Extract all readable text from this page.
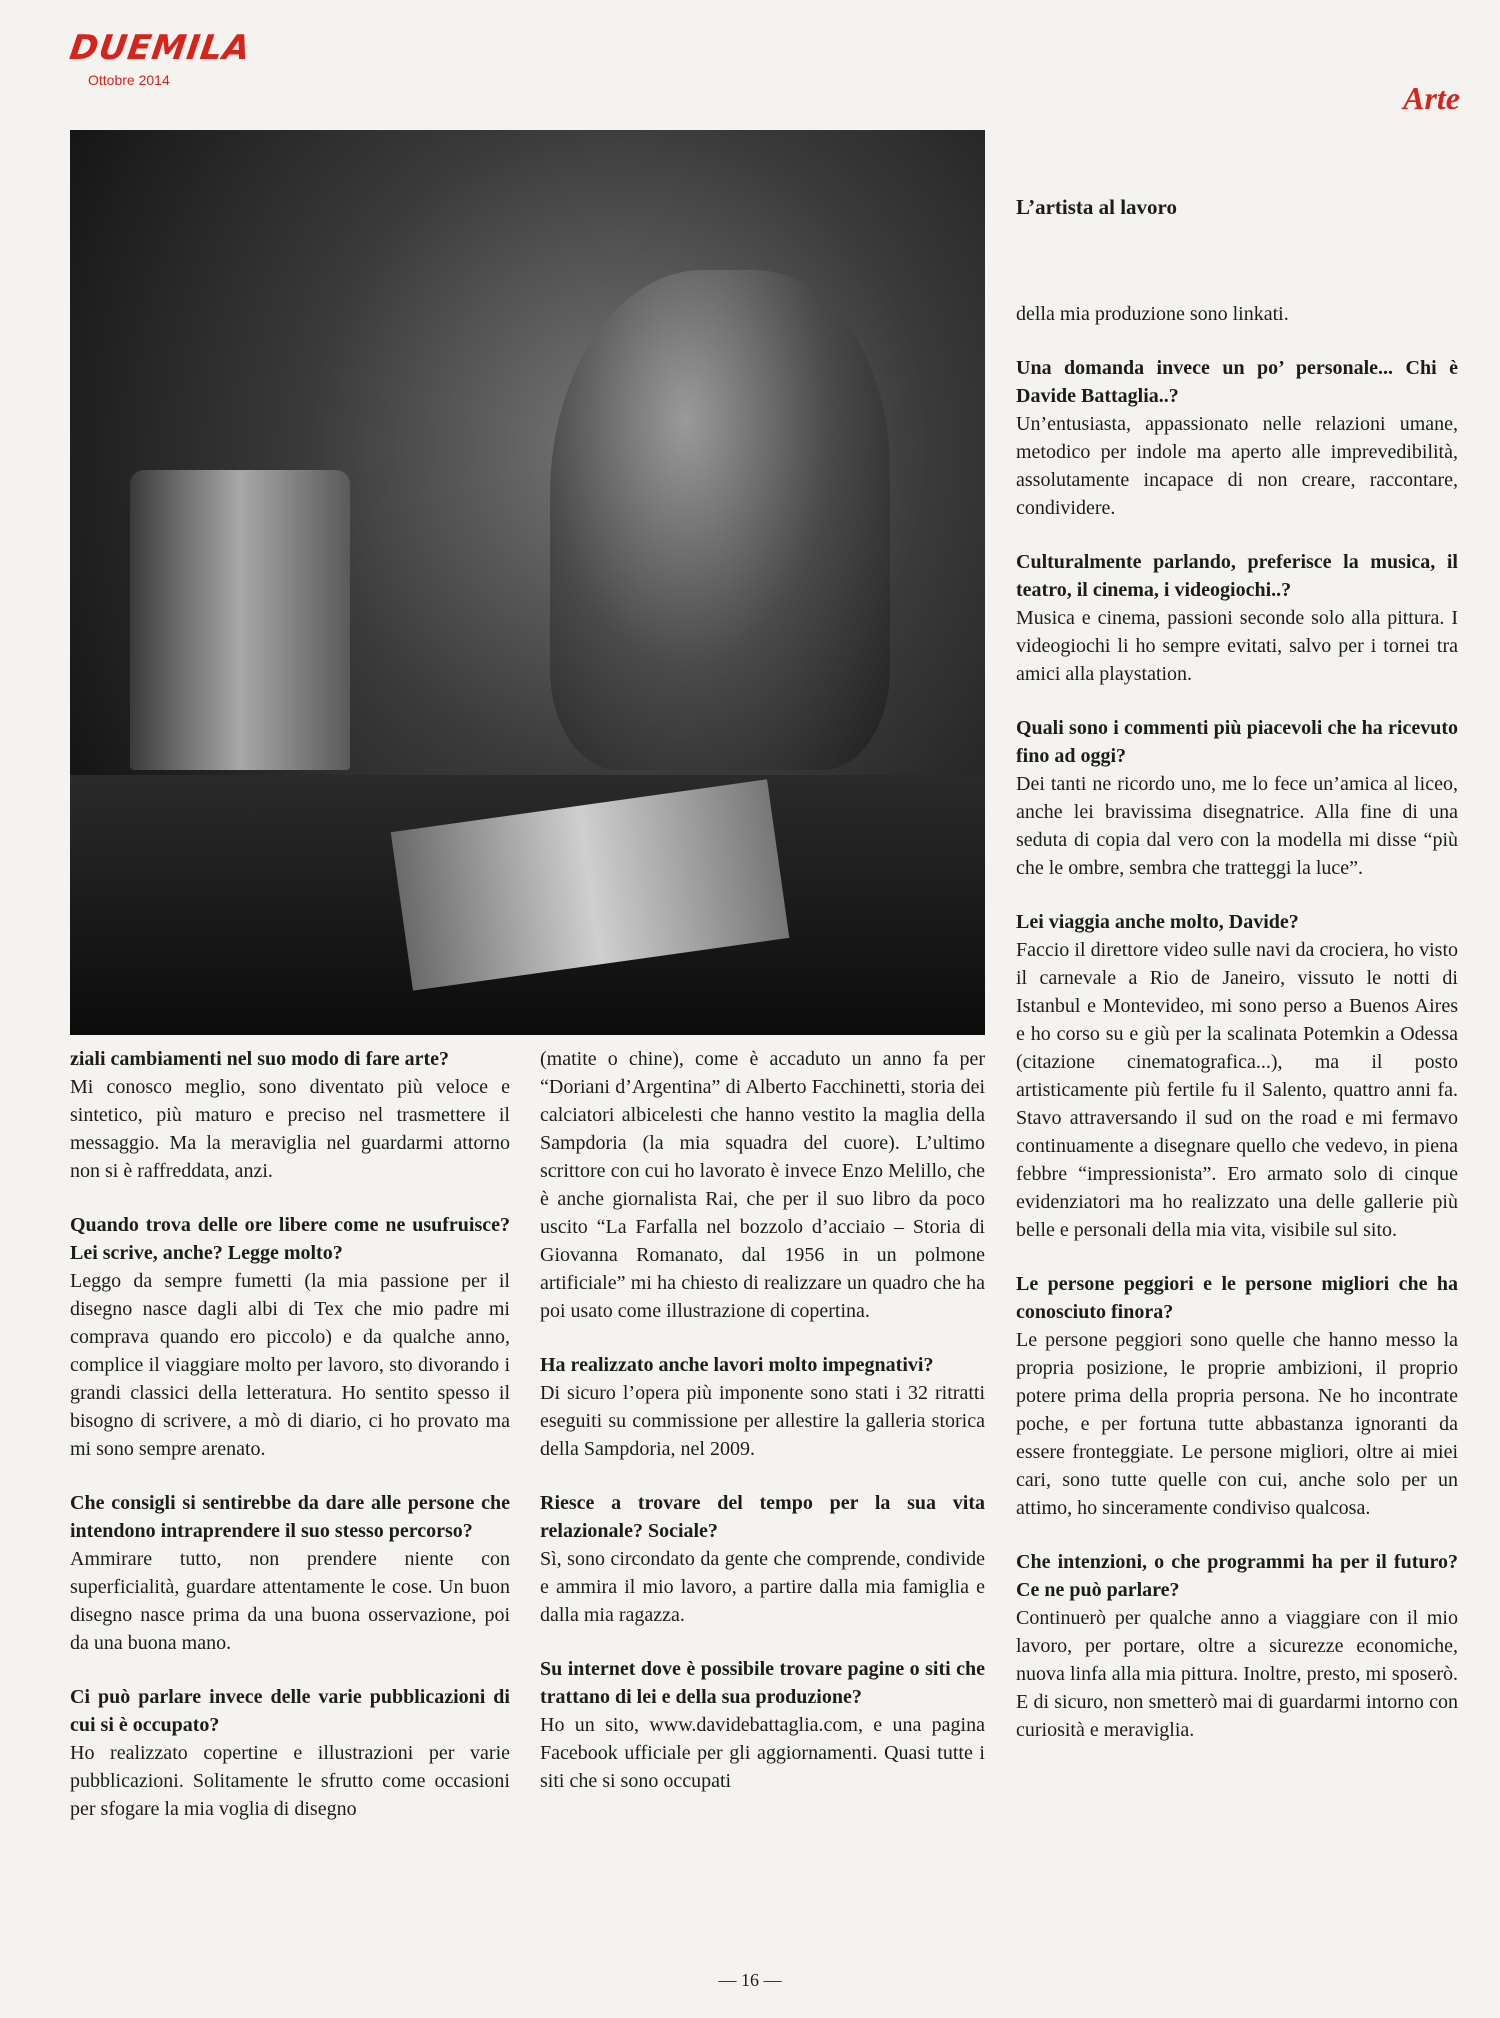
DUEMILA
Ottobre 2014	Arte
L’artista al lavoro

ziali cambiamenti nel suo modo di fare arte?

Mi conosco meglio, sono diventato più veloce e sintetico, più maturo e preciso nel trasmettere il messaggio. Ma la meraviglia nel guardarmi attorno non si è raffreddata, anzi.

Quando trova delle ore libere come ne usufruisce? Lei scrive, anche? Legge molto?

Leggo da sempre fumetti (la mia passione per il disegno nasce dagli albi di Tex che mio padre mi comprava quando ero piccolo) e da qualche anno, complice il viaggiare molto per lavoro, sto divorando i grandi classici della letteratura. Ho sentito spesso il bisogno di scrivere, a mò di diario, ci ho provato ma mi sono sempre arenato.

Che consigli si sentirebbe da dare alle persone che intendono intraprendere il suo stesso percorso?

Ammirare tutto, non prendere niente con superficialità, guardare attentamente le cose. Un buon disegno nasce prima da una buona osservazione, poi da una buona mano.

Ci può parlare invece delle varie pubblicazioni di cui si è occupato?

Ho realizzato copertine e illustrazioni per varie pubblicazioni. Solitamente le sfrutto come occasioni per sfogare la mia voglia di disegno

(matite o chine), come è accaduto un anno fa per “Doriani d’Argentina” di Alberto Facchinetti, storia dei calciatori albicelesti che hanno vestito la maglia della Sampdoria (la mia squadra del cuore). L’ultimo scrittore con cui ho lavorato è invece Enzo Melillo, che è anche giornalista Rai, che per il suo libro da poco uscito “La Farfalla nel bozzolo d’acciaio – Storia di Giovanna Romanato, dal 1956 in un polmone artificiale” mi ha chiesto di realizzare un quadro che ha poi usato come illustrazione di copertina.

Ha realizzato anche lavori molto impegnativi?

Di sicuro l’opera più imponente sono stati i 32 ritratti eseguiti su commissione per allestire la galleria storica della Sampdoria, nel 2009.

Riesce a trovare del tempo per la sua vita relazionale? Sociale?

Sì, sono circondato da gente che comprende, condivide e ammira il mio lavoro, a partire dalla mia famiglia e dalla mia ragazza.

Su internet dove è possibile trovare pagine o siti che trattano di lei e della sua produzione?

Ho un sito, www.davidebattaglia.com, e una pagina Facebook ufficiale per gli aggiornamenti. Quasi tutte i siti che si sono occupati

della mia produzione sono linkati.

Una domanda invece un po’ personale... Chi è Davide Battaglia..?

Un’entusiasta, appassionato nelle relazioni umane, metodico per indole ma aperto alle imprevedibilità, assolutamente incapace di non creare, raccontare, condividere.

Culturalmente parlando, preferisce la musica, il teatro, il cinema, i videogiochi..?

Musica e cinema, passioni seconde solo alla pittura. I videogiochi li ho sempre evitati, salvo per i tornei tra amici alla playstation.

Quali sono i commenti più piacevoli che ha ricevuto fino ad oggi?

Dei tanti ne ricordo uno, me lo fece un’amica al liceo, anche lei bravissima disegnatrice. Alla fine di una seduta di copia dal vero con la modella mi disse “più che le ombre, sembra che tratteggi la luce”.

Lei viaggia anche molto, Davide?

Faccio il direttore video sulle navi da crociera, ho visto il carnevale a Rio de Janeiro, vissuto le notti di Istanbul e Montevideo, mi sono perso a Buenos Aires e ho corso su e giù per la scalinata Potemkin a Odessa (citazione cinematografica...), ma il posto artisticamente più fertile fu il Salento, quattro anni fa. Stavo attraversando il sud on the road e mi fermavo continuamente a disegnare quello che vedevo, in piena febbre “impressionista”. Ero armato solo di cinque evidenziatori ma ho realizzato una delle gallerie più belle e personali della mia vita, visibile sul sito.

Le persone peggiori e le persone migliori che ha conosciuto finora?

Le persone peggiori sono quelle che hanno messo la propria posizione, le proprie ambizioni, il proprio potere prima della propria persona. Ne ho incontrate poche, e per fortuna tutte abbastanza ignoranti da essere fronteggiate. Le persone migliori, oltre ai miei cari, sono tutte quelle con cui, anche solo per un attimo, ho sinceramente condiviso qualcosa.

Che intenzioni, o che programmi ha per il futuro? Ce ne può parlare?

Continuerò per qualche anno a viaggiare con il mio lavoro, per portare, oltre a sicurezze economiche, nuova linfa alla mia pittura. Inoltre, presto, mi sposerò. E di sicuro, non smetterò mai di guardarmi intorno con curiosità e meraviglia.

— 16 —
